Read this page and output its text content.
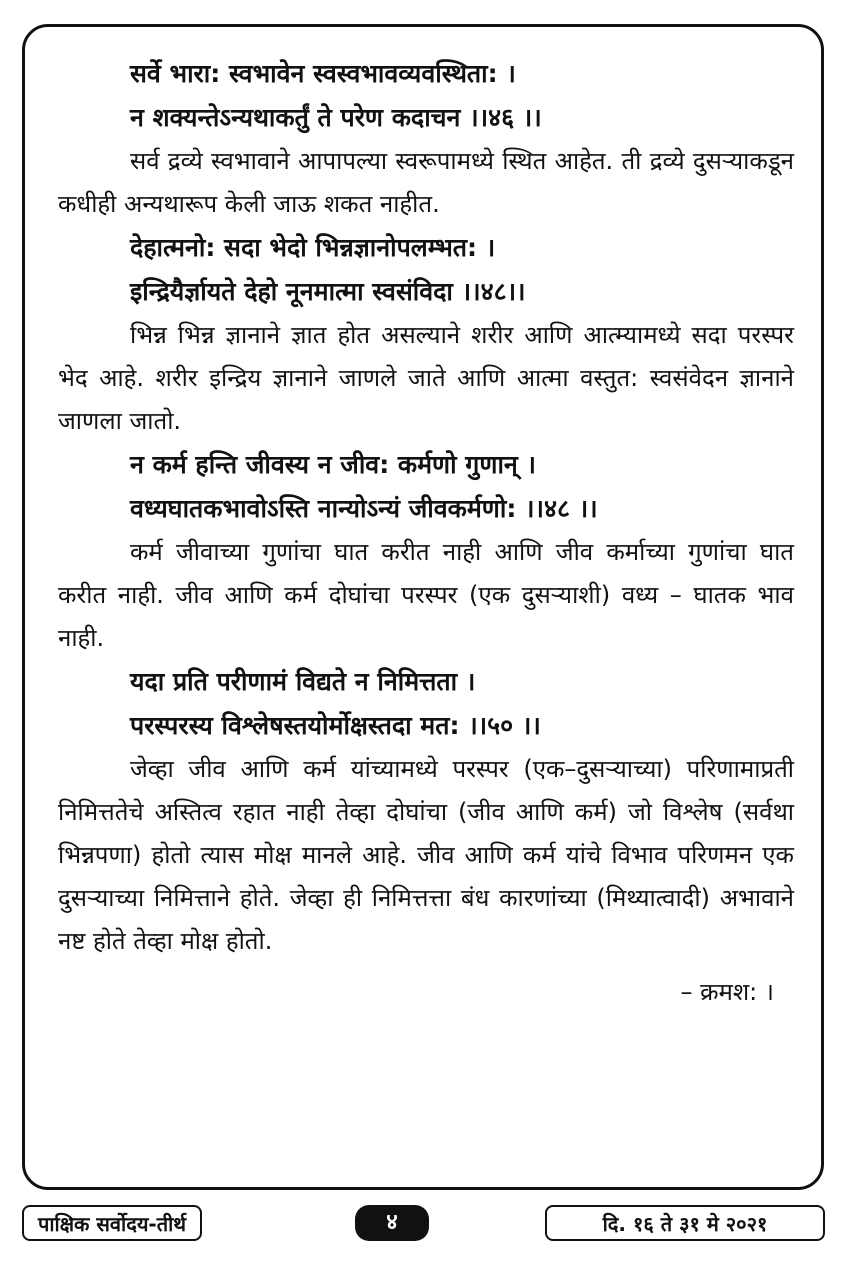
सर्वे भारा: स्वभावेन स्वस्वभावव्यवस्थिता: ।
न शक्यन्तेऽन्यथाकर्तुं ते परेण कदाचन ।।४६ ।।

सर्व द्रव्ये स्वभावाने आपापल्या स्वरूपामध्ये स्थित आहेत. ती द्रव्ये दुसऱ्याकडून कधीही अन्यथारूप केली जाऊ शकत नाहीत.

देहात्मनो: सदा भेदो भिन्नज्ञानोपलम्भत: ।
इन्द्रियैर्ज्ञायते देहो नूनमात्मा स्वसंविदा ।।४८।।

भिन्न भिन्न ज्ञानाने ज्ञात होत असल्याने शरीर आणि आत्म्यामध्ये सदा परस्पर भेद आहे. शरीर इन्द्रिय ज्ञानाने जाणले जाते आणि आत्मा वस्तुत: स्वसंवेदन ज्ञानाने जाणला जातो.

न कर्म हन्ति जीवस्य न जीव: कर्मणो गुणान् ।
वध्यघातकभावोऽस्ति नान्योऽन्यं जीवकर्मणो: ।।४८ ।।

कर्म जीवाच्या गुणांचा घात करीत नाही आणि जीव कर्माच्या गुणांचा घात करीत नाही. जीव आणि कर्म दोघांचा परस्पर (एक दुसऱ्याशी) वध्य – घातक भाव नाही.

यदा प्रति परीणामं विद्यते न निमित्तता ।
परस्परस्य विश्लेषस्तयोर्मोक्षस्तदा मत: ।।५० ।।

जेव्हा जीव आणि कर्म यांच्यामध्ये परस्पर (एक–दुसऱ्याच्या) परिणामाप्रती निमित्ततेचे अस्तित्व रहात नाही तेव्हा दोघांचा (जीव आणि कर्म) जो विश्लेष (सर्वथा भिन्नपणा) होतो त्यास मोक्ष मानले आहे. जीव आणि कर्म यांचे विभाव परिणमन एक दुसऱ्याच्या निमित्ताने होते. जेव्हा ही निमित्तत्ता बंध कारणांच्या (मिथ्यात्वादी) अभावाने नष्ट होते तेव्हा मोक्ष होतो.

– क्रमश: ।
पाक्षिक सर्वोदय-तीर्थ	४	दि. १६ ते ३१ मे २०२१
